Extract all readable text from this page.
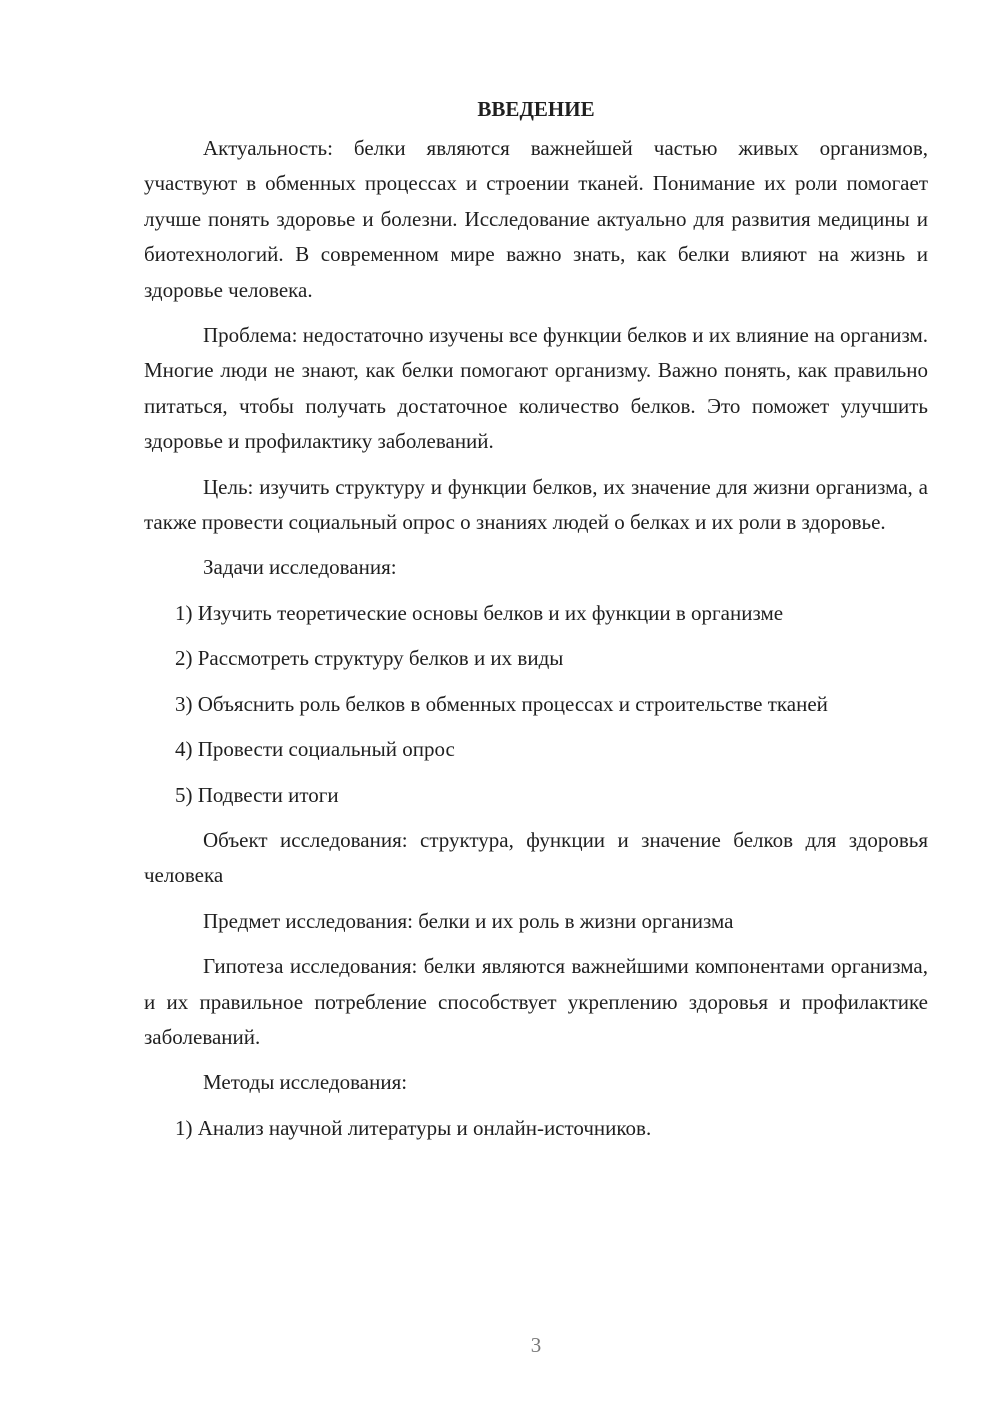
ВВЕДЕНИЕ

Актуальность: белки являются важнейшей частью живых организмов, участвуют в обменных процессах и строении тканей. Понимание их роли помогает лучше понять здоровье и болезни. Исследование актуально для развития медицины и биотехнологий. В современном мире важно знать, как белки влияют на жизнь и здоровье человека.

Проблема: недостаточно изучены все функции белков и их влияние на организм. Многие люди не знают, как белки помогают организму. Важно понять, как правильно питаться, чтобы получать достаточное количество белков. Это поможет улучшить здоровье и профилактику заболеваний.

Цель: изучить структуру и функции белков, их значение для жизни организма, а также провести социальный опрос о знаниях людей о белках и их роли в здоровье.

Задачи исследования:

1) Изучить теоретические основы белков и их функции в организме

2) Рассмотреть структуру белков и их виды

3) Объяснить роль белков в обменных процессах и строительстве тканей

4) Провести социальный опрос

5) Подвести итоги

Объект исследования: структура, функции и значение белков для здоровья человека

Предмет исследования: белки и их роль в жизни организма

Гипотеза исследования: белки являются важнейшими компонентами организма, и их правильное потребление способствует укреплению здоровья и профилактике заболеваний.

Методы исследования:

1) Анализ научной литературы и онлайн-источников.

3
